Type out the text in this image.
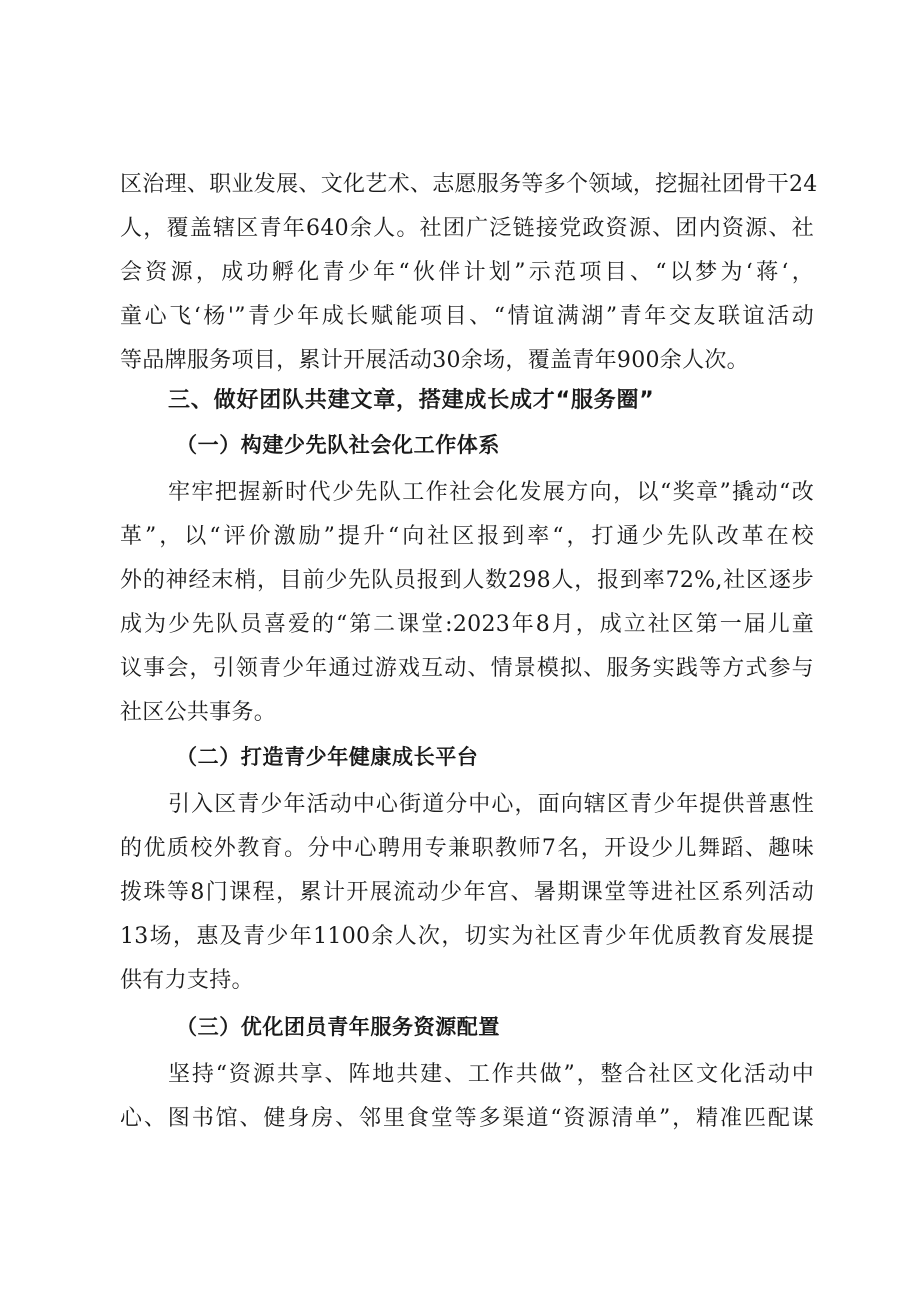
区治理、职业发展、文化艺术、志愿服务等多个领域，挖掘社团骨干24
人，覆盖辖区青年640余人。社团广泛链接党政资源、团内资源、社
会资源，成功孵化青少年“伙伴计划”示范项目、“以梦为‘蒋‘，
童心飞‘杨'”青少年成长赋能项目、“情谊满湖”青年交友联谊活动
等品牌服务项目，累计开展活动30余场，覆盖青年900余人次。
三、做好团队共建文章，搭建成长成才“服务圈”
（一）构建少先队社会化工作体系
牢牢把握新时代少先队工作社会化发展方向，以“奖章”撬动“改
革”，以“评价激励”提升“向社区报到率“，打通少先队改革在校
外的神经末梢，目前少先队员报到人数298人，报到率72%,社区逐步
成为少先队员喜爱的“第二课堂:2023年8月，成立社区第一届儿童
议事会，引领青少年通过游戏互动、情景模拟、服务实践等方式参与
社区公共事务。
（二）打造青少年健康成长平台
引入区青少年活动中心街道分中心，面向辖区青少年提供普惠性
的优质校外教育。分中心聘用专兼职教师7名，开设少儿舞蹈、趣味
拨珠等8门课程，累计开展流动少年宫、暑期课堂等进社区系列活动
13场，惠及青少年1100余人次，切实为社区青少年优质教育发展提
供有力支持。
（三）优化团员青年服务资源配置
坚持“资源共享、阵地共建、工作共做”，整合社区文化活动中
心、图书馆、健身房、邻里食堂等多渠道“资源清单”，精准匹配谋
